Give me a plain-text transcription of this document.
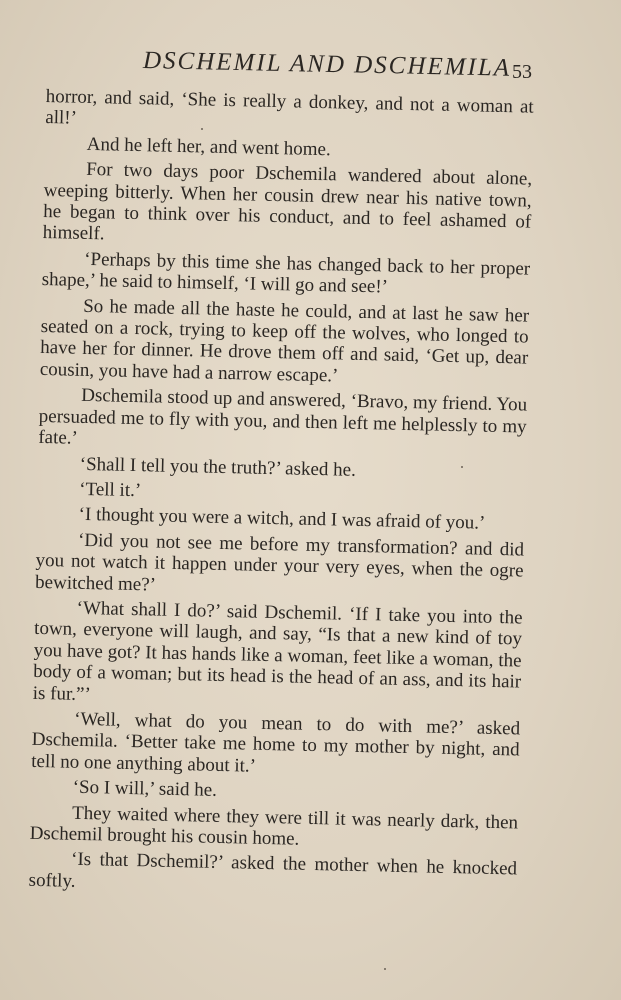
DSCHEMIL AND DSCHEMILA 53

horror, and said, ‘She is really a donkey, and not a woman at all!’

And he left her, and went home.

For two days poor Dschemila wandered about alone, weeping bitterly. When her cousin drew near his native town, he began to think over his conduct, and to feel ashamed of himself.

‘Perhaps by this time she has changed back to her proper shape,’ he said to himself, ‘I will go and see!’

So he made all the haste he could, and at last he saw her seated on a rock, trying to keep off the wolves, who longed to have her for dinner. He drove them off and said, ‘Get up, dear cousin, you have had a narrow escape.’

Dschemila stood up and answered, ‘Bravo, my friend. You persuaded me to fly with you, and then left me helplessly to my fate.’

‘Shall I tell you the truth?’ asked he.

‘Tell it.’

‘I thought you were a witch, and I was afraid of you.’

‘Did you not see me before my transformation? and did you not watch it happen under your very eyes, when the ogre bewitched me?’

‘What shall I do?’ said Dschemil. ‘If I take you into the town, everyone will laugh, and say, “Is that a new kind of toy you have got? It has hands like a woman, feet like a woman, the body of a woman; but its head is the head of an ass, and its hair is fur.”’

‘Well, what do you mean to do with me?’ asked Dschemila. ‘Better take me home to my mother by night, and tell no one anything about it.’

‘So I will,’ said he.

They waited where they were till it was nearly dark, then Dschemil brought his cousin home.

‘Is that Dschemil?’ asked the mother when he knocked softly.
